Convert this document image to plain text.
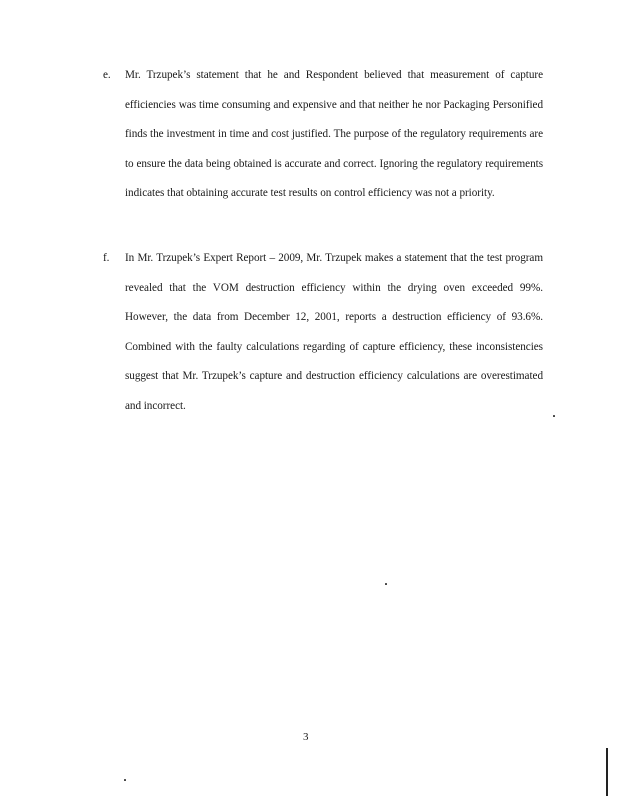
e.	Mr. Trzupek’s statement that he and Respondent believed that measurement of capture efficiencies was time consuming and expensive and that neither he nor Packaging Personified finds the investment in time and cost justified. The purpose of the regulatory requirements are to ensure the data being obtained is accurate and correct. Ignoring the regulatory requirements indicates that obtaining accurate test results on control efficiency was not a priority.
f.	In Mr. Trzupek’s Expert Report – 2009, Mr. Trzupek makes a statement that the test program revealed that the VOM destruction efficiency within the drying oven exceeded 99%. However, the data from December 12, 2001, reports a destruction efficiency of 93.6%. Combined with the faulty calculations regarding of capture efficiency, these inconsistencies suggest that Mr. Trzupek’s capture and destruction efficiency calculations are overestimated and incorrect.
3
